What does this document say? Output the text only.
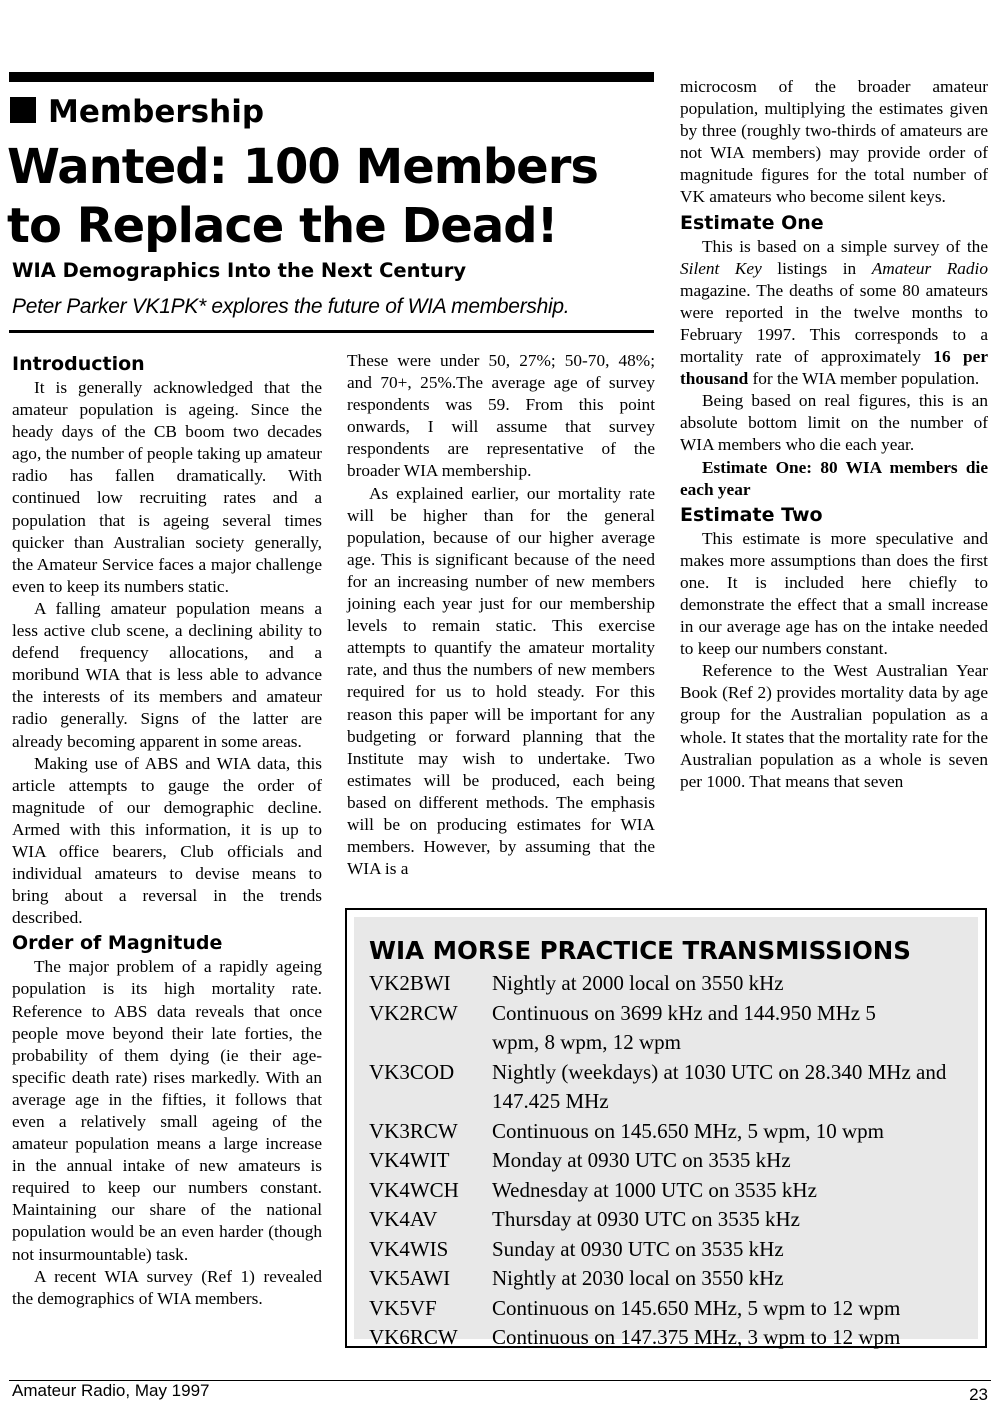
Membership
Wanted: 100 Members to Replace the Dead!
WIA Demographics Into the Next Century
Peter Parker VK1PK* explores the future of WIA membership.
Introduction

It is generally acknowledged that the amateur population is ageing. Since the heady days of the CB boom two decades ago, the number of people taking up amateur radio has fallen dramatically. With continued low recruiting rates and a population that is ageing several times quicker than Australian society generally, the Amateur Service faces a major challenge even to keep its numbers static.

A falling amateur population means a less active club scene, a declining ability to defend frequency allocations, and a moribund WIA that is less able to advance the interests of its members and amateur radio generally. Signs of the latter are already becoming apparent in some areas.

Making use of ABS and WIA data, this article attempts to gauge the order of magnitude of our demographic decline. Armed with this information, it is up to WIA office bearers, Club officials and individual amateurs to devise means to bring about a reversal in the trends described.

Order of Magnitude

The major problem of a rapidly ageing population is its high mortality rate. Reference to ABS data reveals that once people move beyond their late forties, the probability of them dying (ie their age-specific death rate) rises markedly. With an average age in the fifties, it follows that even a relatively small ageing of the amateur population means a large increase in the annual intake of new amateurs is required to keep our numbers constant. Maintaining our share of the national population would be an even harder (though not insurmountable) task.

A recent WIA survey (Ref 1) revealed the demographics of WIA members.

These were under 50, 27%; 50-70, 48%; and 70+, 25%.The average age of survey respondents was 59. From this point onwards, I will assume that survey respondents are representative of the broader WIA membership.

As explained earlier, our mortality rate will be higher than for the general population, because of our higher average age. This is significant because of the need for an increasing number of new members joining each year just for our membership levels to remain static. This exercise attempts to quantify the amateur mortality rate, and thus the numbers of new members required for us to hold steady. For this reason this paper will be important for any budgeting or forward planning that the Institute may wish to undertake. Two estimates will be produced, each being based on different methods. The emphasis will be on producing estimates for WIA members. However, by assuming that the WIA is a

microcosm of the broader amateur population, multiplying the estimates given by three (roughly two-thirds of amateurs are not WIA members) may provide order of magnitude figures for the total number of VK amateurs who become silent keys.

Estimate One

This is based on a simple survey of the Silent Key listings in Amateur Radio magazine. The deaths of some 80 amateurs were reported in the twelve months to February 1997. This corresponds to a mortality rate of approximately 16 per thousand for the WIA member population.

Being based on real figures, this is an absolute bottom limit on the number of WIA members who die each year.

Estimate One: 80 WIA members die each year

Estimate Two

This estimate is more speculative and makes more assumptions than does the first one. It is included here chiefly to demonstrate the effect that a small increase in our average age has on the intake needed to keep our numbers constant.

Reference to the West Australian Year Book (Ref 2) provides mortality data by age group for the Australian population as a whole. It states that the mortality rate for the Australian population as a whole is seven per 1000. That means that seven

WIA MORSE PRACTICE TRANSMISSIONS
VK2BWI	Nightly at 2000 local on 3550 kHz
VK2RCW	Continuous on 3699 kHz and 144.950 MHz 5 wpm, 8 wpm, 12 wpm
VK3COD	Nightly (weekdays) at 1030 UTC on 28.340 MHz and 147.425 MHz
VK3RCW	Continuous on 145.650 MHz, 5 wpm, 10 wpm
VK4WIT	Monday at 0930 UTC on 3535 kHz
VK4WCH	Wednesday at 1000 UTC on 3535 kHz
VK4AV	Thursday at 0930 UTC on 3535 kHz
VK4WIS	Sunday at 0930 UTC on 3535 kHz
VK5AWI	Nightly at 2030 local on 3550 kHz
VK5VF	Continuous on 145.650 MHz, 5 wpm to 12 wpm
VK6RCW	Continuous on 147.375 MHz, 3 wpm to 12 wpm
Amateur Radio, May 1997	23
